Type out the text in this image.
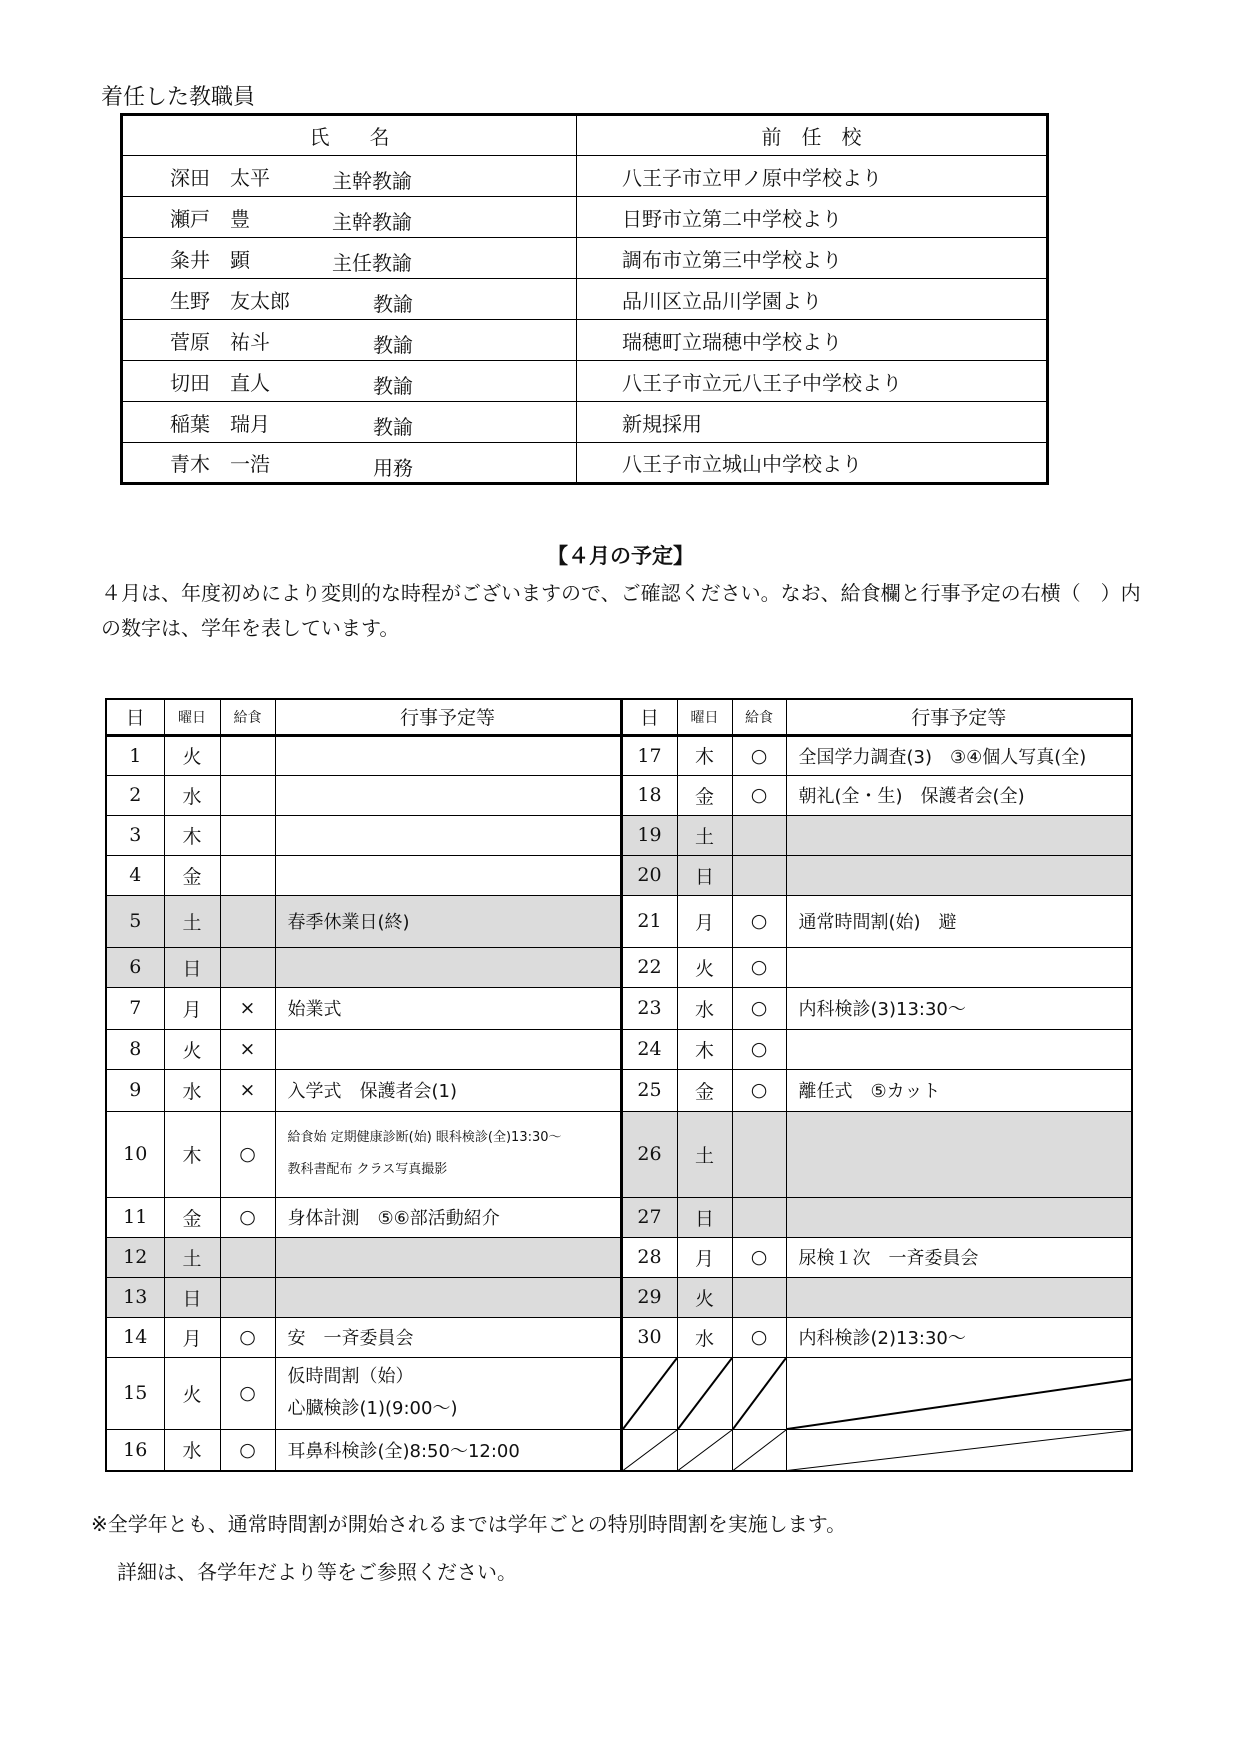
着任した教職員
氏　　名	前　任　校
深田　太平 主幹教諭	八王子市立甲ノ原中学校より
瀬戸　豊 主幹教諭	日野市立第二中学校より
粂井　顕 主任教諭	調布市立第三中学校より
生野　友太郎 教諭	品川区立品川学園より
菅原　祐斗 教諭	瑞穂町立瑞穂中学校より
切田　直人 教諭	八王子市立元八王子中学校より
稲葉　瑞月 教諭	新規採用
青木　一浩 用務	八王子市立城山中学校より
【４月の予定】
４月は、年度初めにより変則的な時程がございますので、ご確認ください。なお、給食欄と行事予定の右横（　）内の数字は、学年を表しています。
日	曜日	給食	行事予定等	日	曜日	給食	行事予定等
1	火			17	木	○	全国学力調査(3)　③④個人写真(全)

2	水			18	金	○	朝礼(全・生)　保護者会(全)

3	木			19	土		

4	金			20	日		

5	土		春季休業日(終)	21	月	○	通常時間割(始)　避

6	日			22	火	○	

7	月	×	始業式	23	水	○	内科検診(3)13:30～

8	火	×		24	木	○	

9	水	×	入学式　保護者会(1)	25	金	○	離任式　⑤カット

10	木	○	給食始 定期健康診断(始) 眼科検診(全)13:30～
教科書配布 クラス写真撮影	26	土		

11	金	○	身体計測　⑤⑥部活動紹介	27	日		

12	土			28	月	○	尿検１次　一斉委員会

13	日			29	火		

14	月	○	安　一斉委員会	30	水	○	内科検診(2)13:30～

15	火	○	仮時間割（始）
心臓検診(1)(9:00～)

16	水	○	耳鼻科検診(全)8:50～12:00

※全学年とも、通常時間割が開始されるまでは学年ごとの特別時間割を実施します。
詳細は、各学年だより等をご参照ください。
